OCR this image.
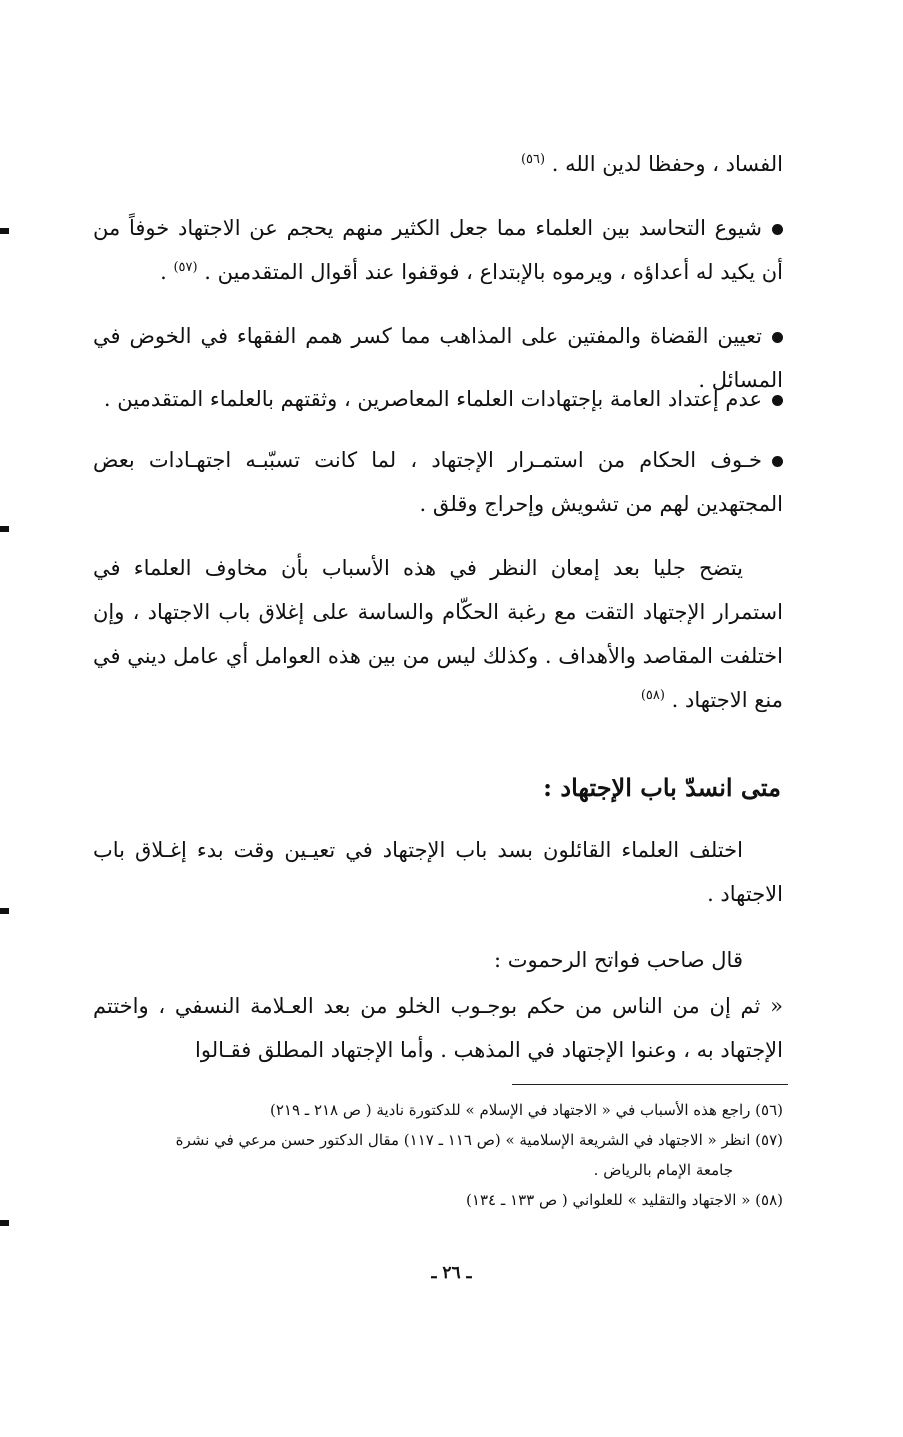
الفساد ، وحفظا لدين الله . $^{(٥٦)}$
شيوع التحاسد بين العلماء مما جعل الكثير منهم يحجم عن الاجتهاد خوفاً من أن يكيد له أعداؤه ، ويرموه بالإبتداع ، فوقفوا عند أقوال المتقدمين . $^{(٥٧)}$ .
تعيين القضاة والمفتين على المذاهب مما كسر همم الفقهاء في الخوض في المسائل .
عدم إعتداد العامة بإجتهادات العلماء المعاصرين ، وثقتهم بالعلماء المتقدمين .
خـوف الحكام من استمـرار الإجتهاد ، لما كانت تسبّبـه اجتهـادات بعض المجتهدين لهم من تشويش وإحراج وقلق .
يتضح جليا بعد إمعان النظر في هذه الأسباب بأن مخاوف العلماء في استمرار الإجتهاد التقت مع رغبة الحكّام والساسة على إغلاق باب الاجتهاد ، وإن اختلفت المقاصد والأهداف . وكذلك ليس من بين هذه العوامل أي عامل ديني في منع الاجتهاد . $^{(٥٨)}$
متى انسدّ باب الإجتهاد :
اختلف العلماء القائلون بسد باب الإجتهاد في تعيـين وقت بدء إغـلاق باب الاجتهاد .
قال صاحب فواتح الرحموت :
« ثم إن من الناس من حكم بوجـوب الخلو من بعد العـلامة النسفي ، واختتم الإجتهاد به ، وعنوا الإجتهاد في المذهب . وأما الإجتهاد المطلق فقـالوا
(٥٦) راجع هذه الأسباب في « الاجتهاد في الإسلام » للدكتورة نادية ( ص ٢١٨ ـ ٢١٩)
(٥٧) انظر « الاجتهاد في الشريعة الإسلامية » (ص ١١٦ ـ ١١٧) مقال الدكتور حسن مرعي في نشرة
جامعة الإمام بالرياض .
(٥٨) « الاجتهاد والتقليد » للعلواني ( ص ١٣٣ ـ ١٣٤)
ـ ٢٦ ـ
